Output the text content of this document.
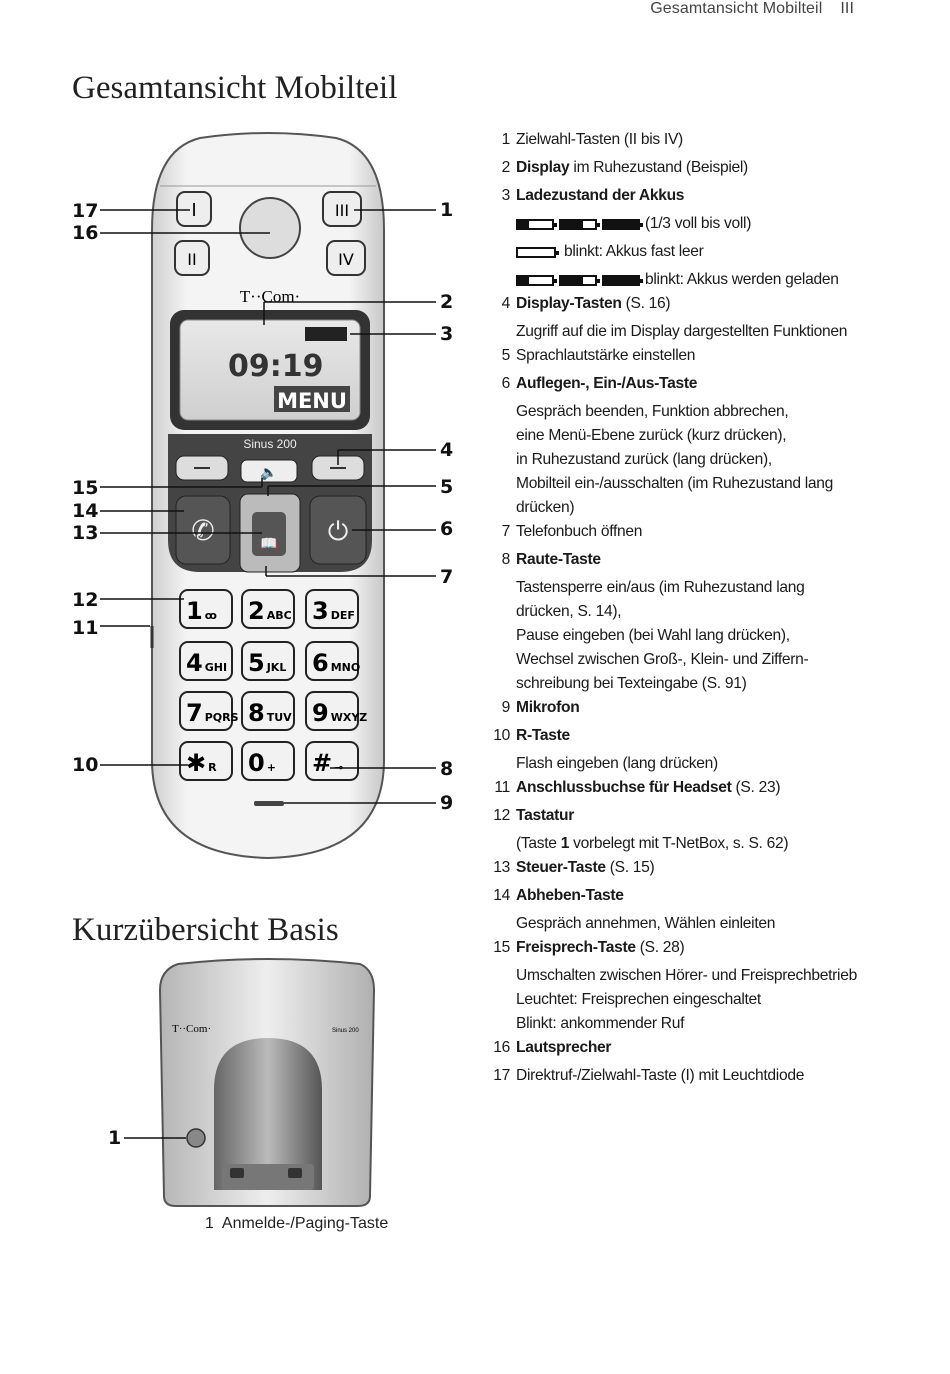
Gesamtansicht Mobilteil III
Gesamtansicht Mobilteil
I
II
III
IV
T··Com·
09:19
MENU
Sinus 200
🔈
✆	⏻
📖
1 ꝏ 2 ABC 3 DEF
4 GHI 5 JKL 6 MNO
7 PQRS 8 TUV 9 WXYZ
✱ R 0 + # ⊸
17
16
15
14
13
12
11
10
1
2
3
4
5
6
7
8
9
Kurzübersicht Basis
T··Com·	Sinus 200
1
1 Anmelde-/Paging-Taste
1 Zielwahl-Tasten (II bis IV)
2 Display im Ruhezustand (Beispiel)
3 Ladezustand der Akkus
(1/3 voll bis voll)
blinkt: Akkus fast leer
blinkt: Akkus werden geladen
4 Display-Tasten (S. 16)
Zugriff auf die im Display dargestellten Funktionen
5 Sprachlautstärke einstellen
6 Auflegen-, Ein-/Aus-Taste
Gespräch beenden, Funktion abbrechen,
eine Menü-Ebene zurück (kurz drücken),
in Ruhezustand zurück (lang drücken),
Mobilteil ein-/ausschalten (im Ruhezustand lang
drücken)
7 Telefonbuch öffnen
8 Raute-Taste
Tastensperre ein/aus (im Ruhezustand lang
drücken, S. 14),
Pause eingeben (bei Wahl lang drücken),
Wechsel zwischen Groß-, Klein- und Ziffern-
schreibung bei Texteingabe (S. 91)
9 Mikrofon
10 R-Taste
Flash eingeben (lang drücken)
11 Anschlussbuchse für Headset (S. 23)
12 Tastatur
(Taste 1 vorbelegt mit T-NetBox, s. S. 62)
13 Steuer-Taste (S. 15)
14 Abheben-Taste
Gespräch annehmen, Wählen einleiten
15 Freisprech-Taste (S. 28)
Umschalten zwischen Hörer- und Freisprechbetrieb
Leuchtet: Freisprechen eingeschaltet
Blinkt: ankommender Ruf
16 Lautsprecher
17 Direktruf-/Zielwahl-Taste (I) mit Leuchtdiode
